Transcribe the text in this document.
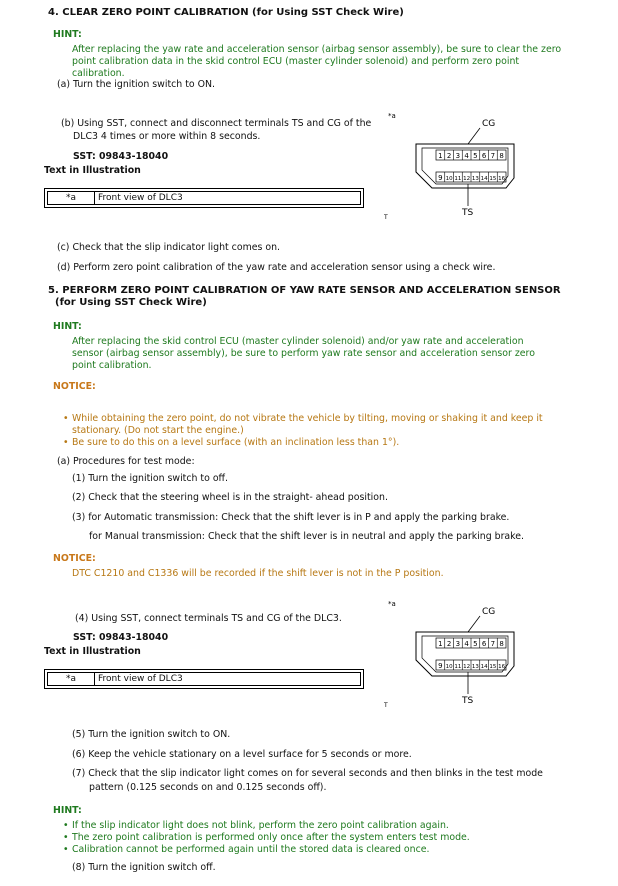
4. CLEAR ZERO POINT CALIBRATION (for Using SST Check Wire)
HINT:
After replacing the yaw rate and acceleration sensor (airbag sensor assembly), be sure to clear the zero point calibration data in the skid control ECU (master cylinder solenoid) and perform zero point calibration.
(a) Turn the ignition switch to ON.
(b) Using SST, connect and disconnect terminals TS and CG of the
DLC3 4 times or more within 8 seconds.
SST: 09843-18040
Text in Illustration
*a	Front view of DLC3
*a
CG
1 2 3 4 5 6 7 8
9 10 11 12 13 14 15 16
TS
T
(c) Check that the slip indicator light comes on.
(d) Perform zero point calibration of the yaw rate and acceleration sensor using a check wire.
5. PERFORM ZERO POINT CALIBRATION OF YAW RATE SENSOR AND ACCELERATION SENSOR
(for Using SST Check Wire)
HINT:
After replacing the skid control ECU (master cylinder solenoid) and/or yaw rate and acceleration sensor (airbag sensor assembly), be sure to perform yaw rate sensor and acceleration sensor zero point calibration.
NOTICE:
• While obtaining the zero point, do not vibrate the vehicle by tilting, moving or shaking it and keep it stationary. (Do not start the engine.)
• Be sure to do this on a level surface (with an inclination less than 1°).
(a) Procedures for test mode:
(1) Turn the ignition switch to off.
(2) Check that the steering wheel is in the straight- ahead position.
(3) for Automatic transmission: Check that the shift lever is in P and apply the parking brake.
for Manual transmission: Check that the shift lever is in neutral and apply the parking brake.
NOTICE:
DTC C1210 and C1336 will be recorded if the shift lever is not in the P position.
(4) Using SST, connect terminals TS and CG of the DLC3.
SST: 09843-18040
Text in Illustration
*a	Front view of DLC3
*a
CG
1 2 3 4 5 6 7 8
9 10 11 12 13 14 15 16
TS
T
(5) Turn the ignition switch to ON.
(6) Keep the vehicle stationary on a level surface for 5 seconds or more.
(7) Check that the slip indicator light comes on for several seconds and then blinks in the test mode
pattern (0.125 seconds on and 0.125 seconds off).
HINT:
• If the slip indicator light does not blink, perform the zero point calibration again.
• The zero point calibration is performed only once after the system enters test mode.
• Calibration cannot be performed again until the stored data is cleared once.
(8) Turn the ignition switch off.
